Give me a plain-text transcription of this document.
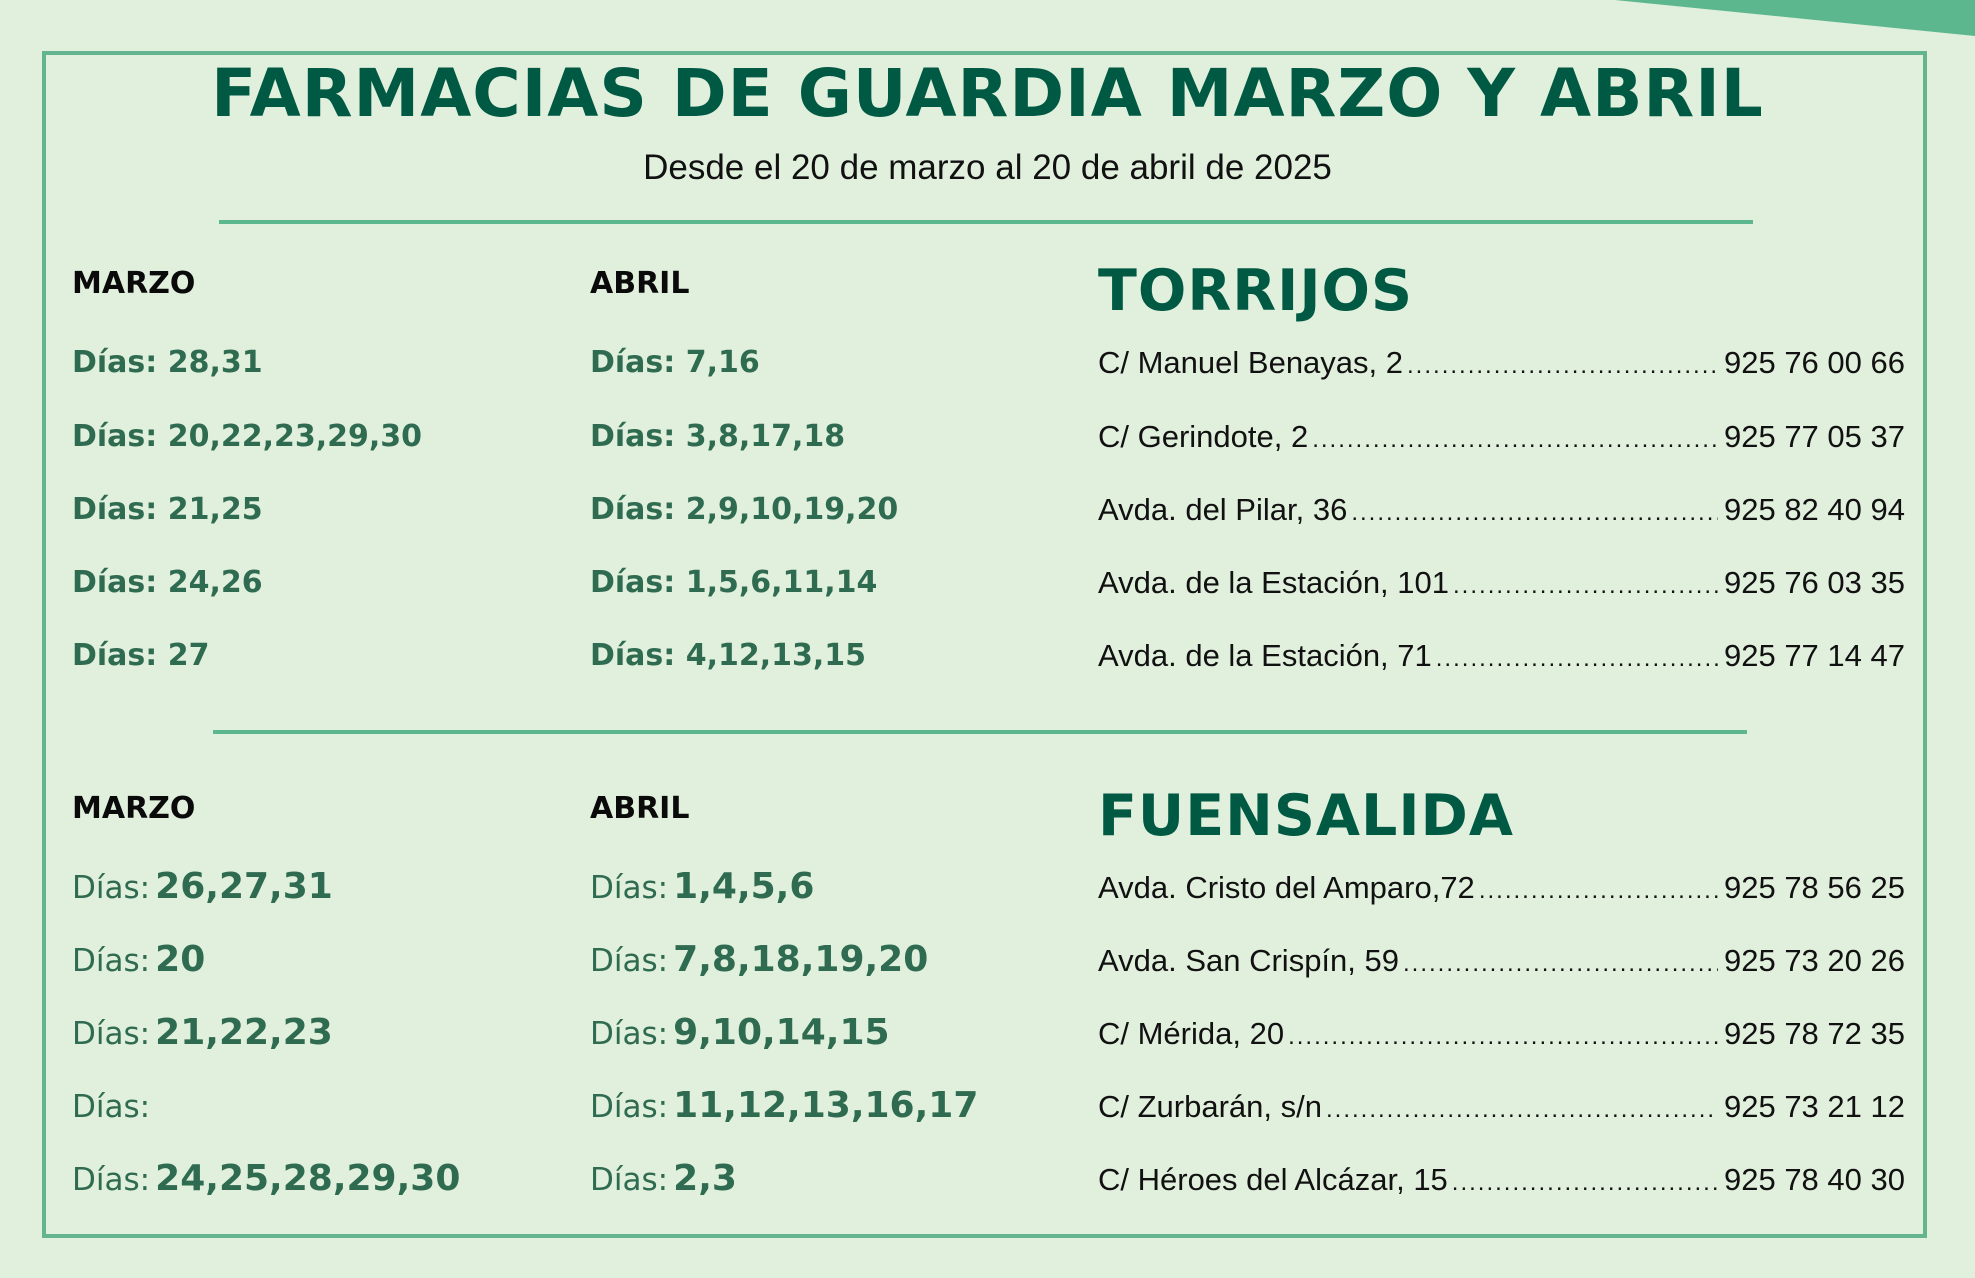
FARMACIAS DE GUARDIA MARZO Y ABRIL
Desde el 20 de marzo al 20 de abril de 2025
MARZO	ABRIL	TORRIJOS
Días: 28,31	Días: 7,16	C/ Manuel Benayas, 2 .....	925 76 00 66
Días: 20,22,23,29,30	Días: 3,8,17,18	C/ Gerindote, 2 .....	925 77 05 37
Días: 21,25	Días: 2,9,10,19,20	Avda. del Pilar, 36 .....	925 82 40 94
Días: 24,26	Días: 1,5,6,11,14	Avda. de la Estación, 101 .....	925 76 03 35
Días: 27	Días: 4,12,13,15	Avda. de la Estación, 71 .....	925 77 14 47
MARZO	ABRIL	FUENSALIDA
Días: 26,27,31	Días: 1,4,5,6	Avda. Cristo del Amparo,72 .....	925 78 56 25
Días: 20	Días: 7,8,18,19,20	Avda. San Crispín, 59 .....	925 73 20 26
Días: 21,22,23	Días: 9,10,14,15	C/ Mérida, 20 .....	925 78 72 35
Días:	Días: 11,12,13,16,17	C/ Zurbarán, s/n .....	925 73 21 12
Días: 24,25,28,29,30	Días: 2,3	C/ Héroes del Alcázar, 15 .....	925 78 40 30
